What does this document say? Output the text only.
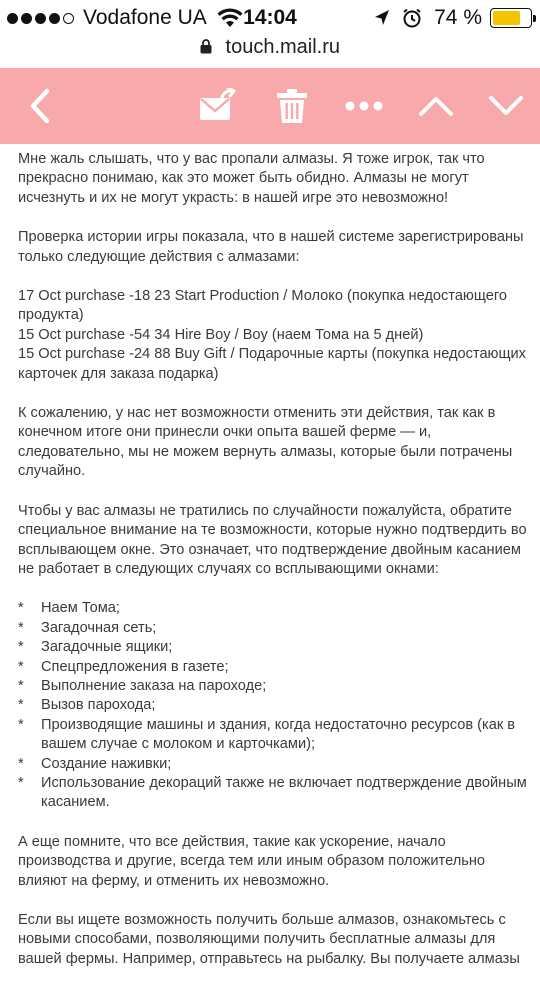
Vodafone UA	14:04	74 %
touch.mail.ru
Мне жаль слышать, что у вас пропали алмазы. Я тоже игрок, так что
прекрасно понимаю, как это может быть обидно. Алмазы не могут
исчезнуть и их не могут украсть: в нашей игре это невозможно!
Проверка истории игры показала, что в нашей системе зарегистрированы
только следующие действия с алмазами:
17 Oct purchase -18 23 Start Production / Молоко (покупка недостающего
продукта)
15 Oct purchase -54 34 Hire Boy / Boy (наем Тома на 5 дней)
15 Oct purchase -24 88 Buy Gift / Подарочные карты (покупка недостающих
карточек для заказа подарка)
К сожалению, у нас нет возможности отменить эти действия, так как в
конечном итоге они принесли очки опыта вашей ферме — и,
следовательно, мы не можем вернуть алмазы, которые были потрачены
случайно.
Чтобы у вас алмазы не тратились по случайности пожалуйста, обратите
специальное внимание на те возможности, которые нужно подтвердить во
всплывающем окне. Это означает, что подтверждение двойным касанием
не работает в следующих случаях со всплывающими окнами:
* Наем Тома;
* Загадочная сеть;
* Загадочные ящики;
* Спецпредложения в газете;
* Выполнение заказа на пароходе;
* Вызов парохода;
* Производящие машины и здания, когда недостаточно ресурсов (как в
вашем случае с молоком и карточками);
* Создание наживки;
* Использование декораций также не включает подтверждение двойным
касанием.
А еще помните, что все действия, такие как ускорение, начало
производства и другие, всегда тем или иным образом положительно
влияют на ферму, и отменить их невозможно.
Если вы ищете возможность получить больше алмазов, ознакомьтесь с
новыми способами, позволяющими получить бесплатные алмазы для
вашей фермы. Например, отправьтесь на рыбалку. Вы получаете алмазы
